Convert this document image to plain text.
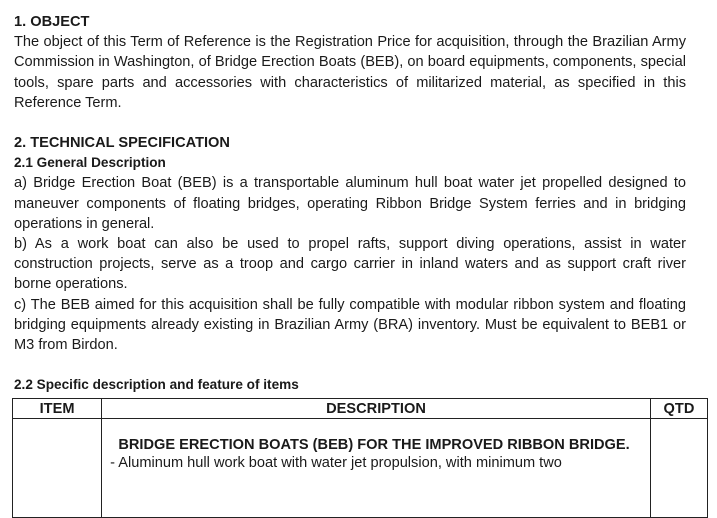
1. OBJECT

The object of this Term of Reference is the Registration Price for acquisition, through the Brazilian Army Commission in Washington, of Bridge Erection Boats (BEB), on board equipments, components, special tools, spare parts and accessories with characteristics of militarized material, as specified in this Reference Term.

2. TECHNICAL SPECIFICATION

2.1 General Description

a) Bridge Erection Boat (BEB) is a transportable aluminum hull boat water jet propelled designed to maneuver components of floating bridges, operating Ribbon Bridge System ferries and in bridging operations in general.

b) As a work boat can also be used to propel rafts, support diving operations, assist in water construction projects, serve as a troop and cargo carrier in inland waters and as support craft river borne operations.

c) The BEB aimed for this acquisition shall be fully compatible with modular ribbon system and floating bridging equipments already existing in Brazilian Army (BRA) inventory. Must be equivalent to BEB1 or M3 from Birdon.

2.2 Specific description and feature of items

ITEM	DESCRIPTION	QTD

	BRIDGE ERECTION BOATS (BEB) FOR THE IMPROVED RIBBON BRIDGE.

- Aluminum hull work boat with water jet propulsion, with minimum two	
